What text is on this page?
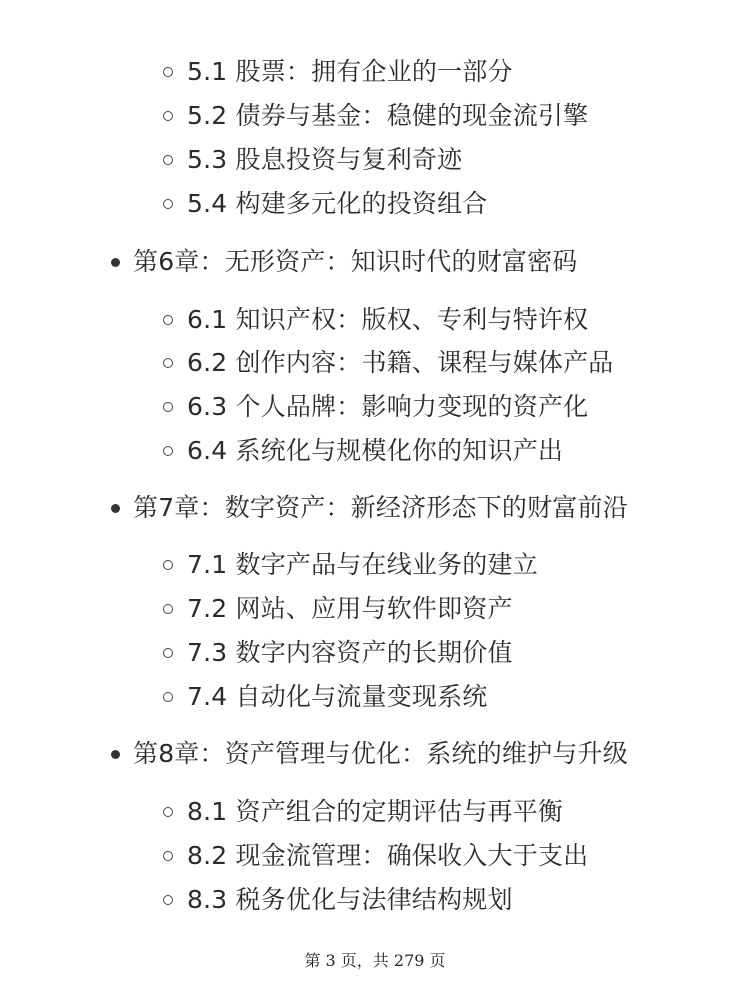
5.1 股票：拥有企业的一部分
5.2 债券与基金：稳健的现金流引擎
5.3 股息投资与复利奇迹
5.4 构建多元化的投资组合
第6章：无形资产：知识时代的财富密码
6.1 知识产权：版权、专利与特许权
6.2 创作内容：书籍、课程与媒体产品
6.3 个人品牌：影响力变现的资产化
6.4 系统化与规模化你的知识产出
第7章：数字资产：新经济形态下的财富前沿
7.1 数字产品与在线业务的建立
7.2 网站、应用与软件即资产
7.3 数字内容资产的长期价值
7.4 自动化与流量变现系统
第8章：资产管理与优化：系统的维护与升级
8.1 资产组合的定期评估与再平衡
8.2 现金流管理：确保收入大于支出
8.3 税务优化与法律结构规划
第 3 页，共 279 页
